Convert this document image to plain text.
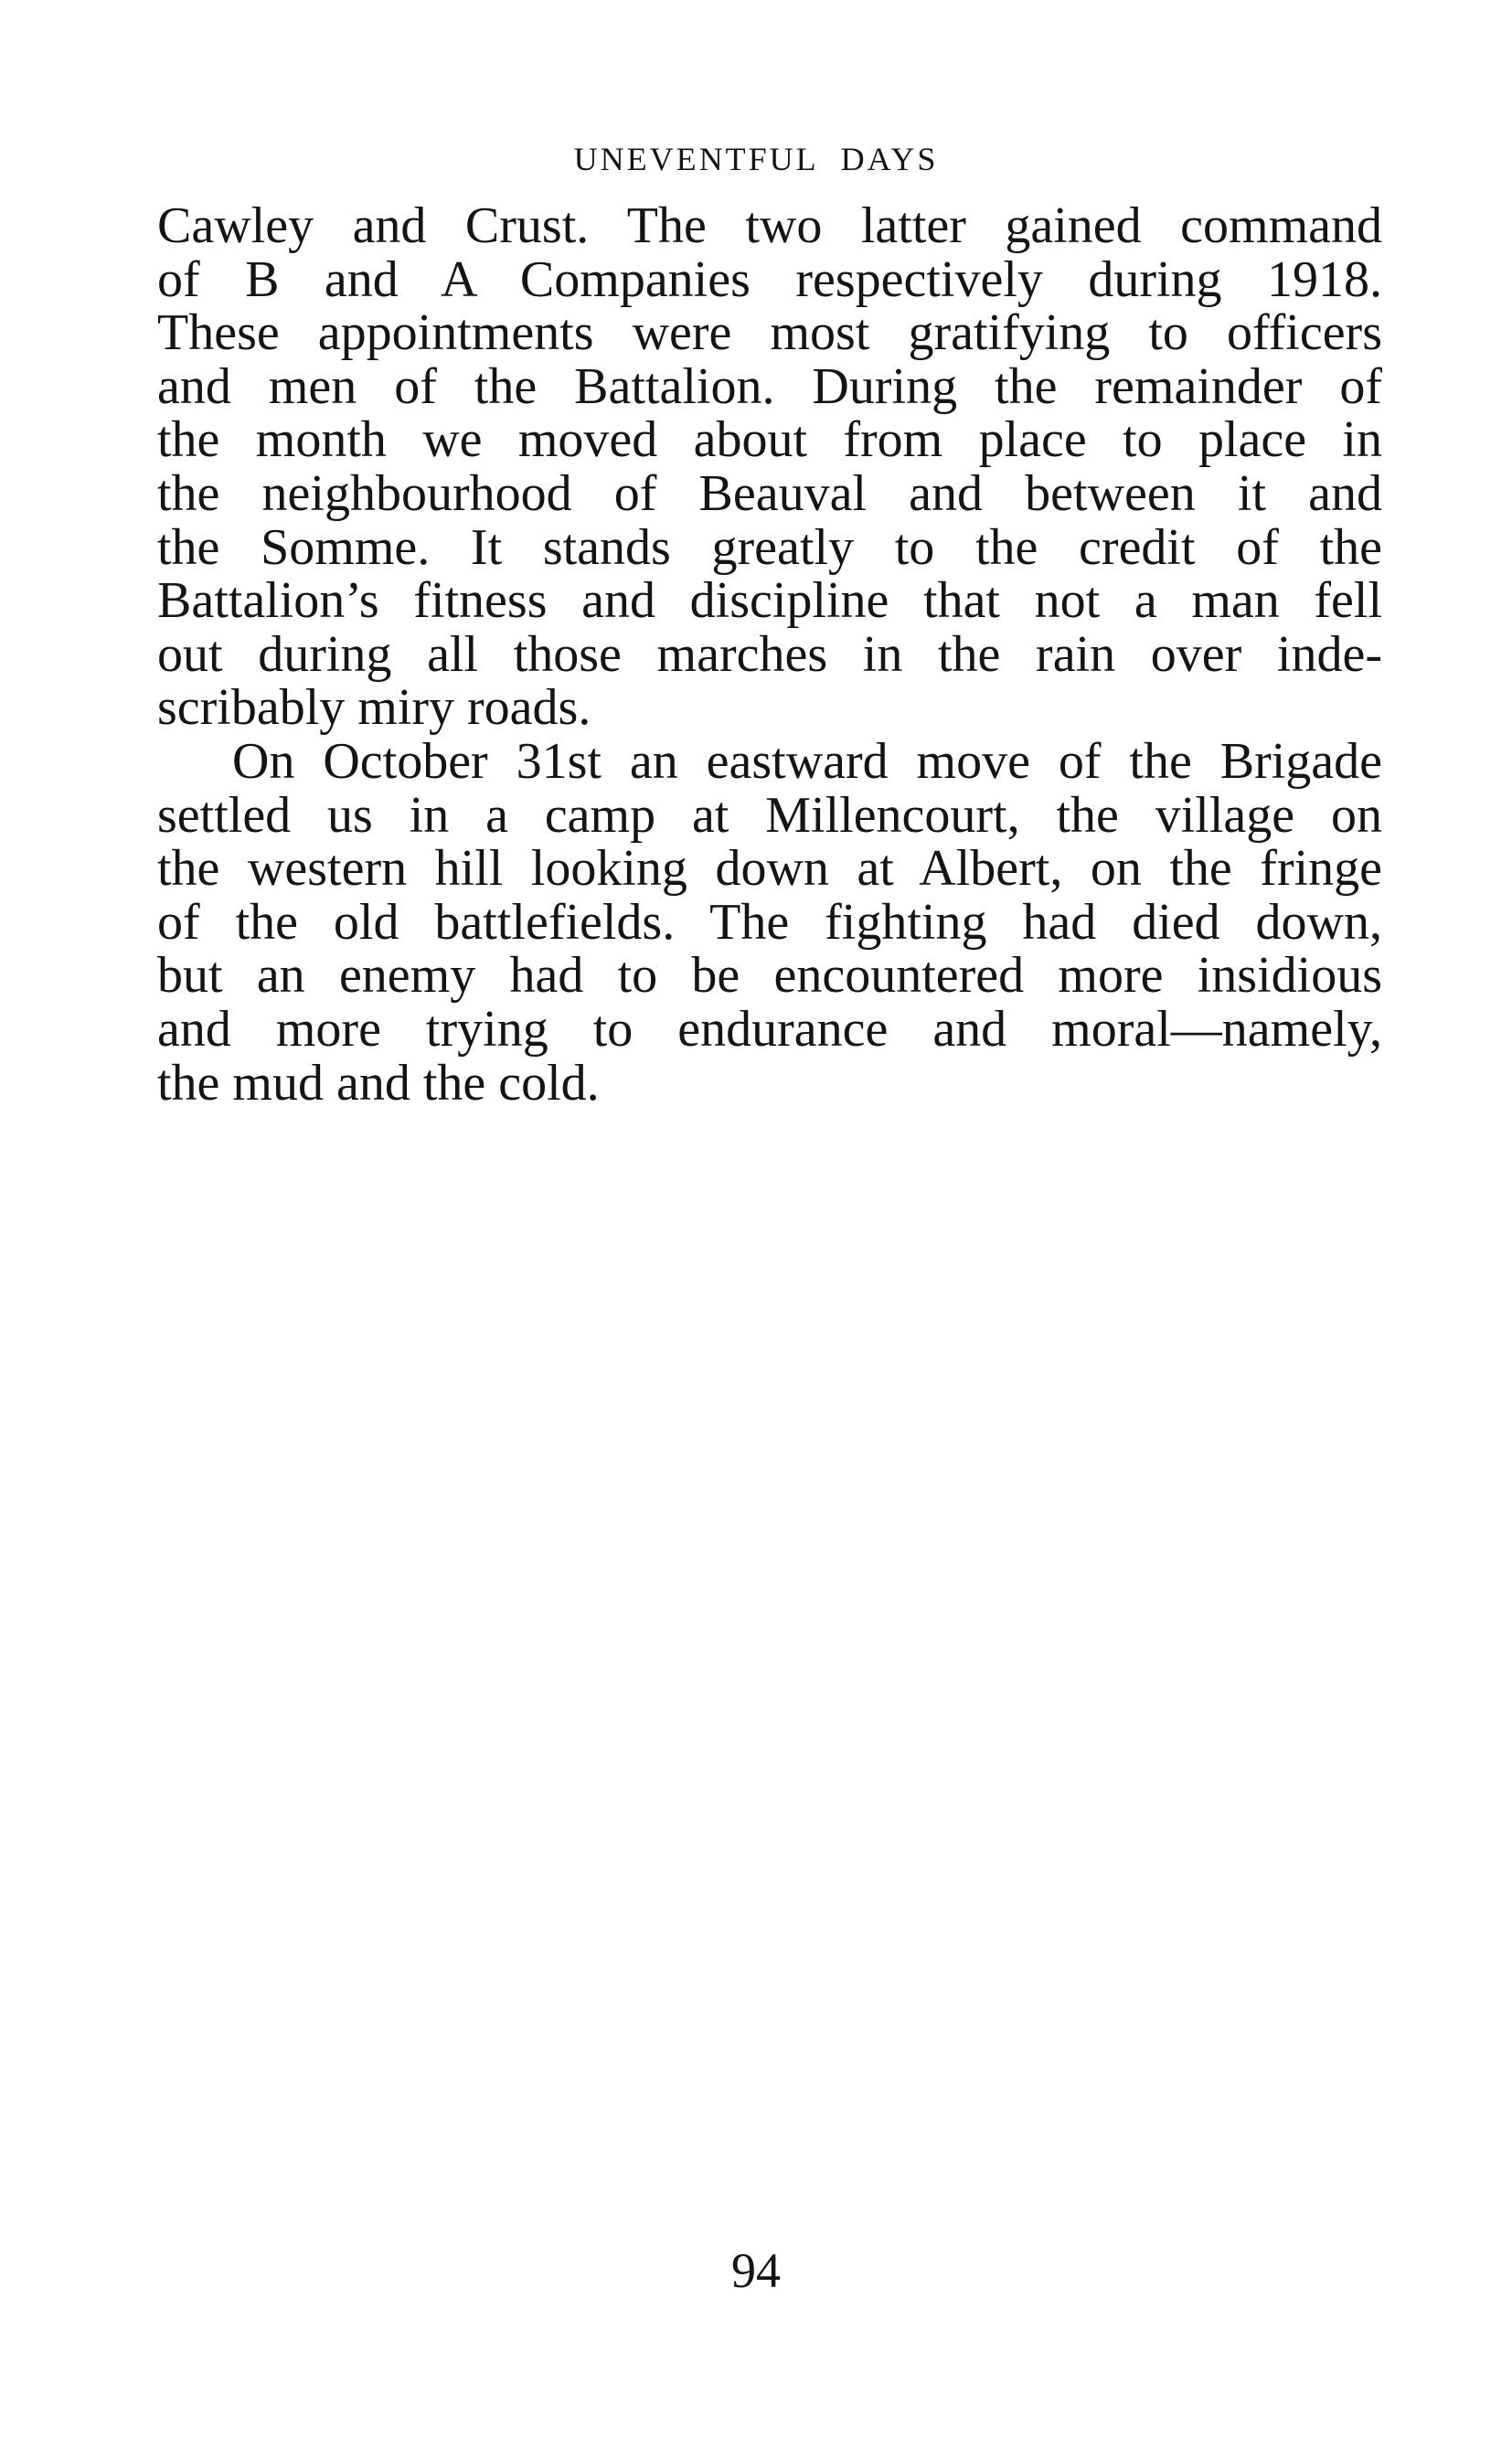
UNEVENTFUL DAYS
Cawley and Crust. The two latter gained command
of B and A Companies respectively during 1918.
These appointments were most gratifying to officers
and men of the Battalion. During the remainder of
the month we moved about from place to place in
the neighbourhood of Beauval and between it and
the Somme. It stands greatly to the credit of the
Battalion’s fitness and discipline that not a man fell
out during all those marches in the rain over inde-
scribably miry roads.
On October 31st an eastward move of the Brigade
settled us in a camp at Millencourt, the village on
the western hill looking down at Albert, on the fringe
of the old battlefields. The fighting had died down,
but an enemy had to be encountered more insidious
and more trying to endurance and moral—namely,
the mud and the cold.
94
